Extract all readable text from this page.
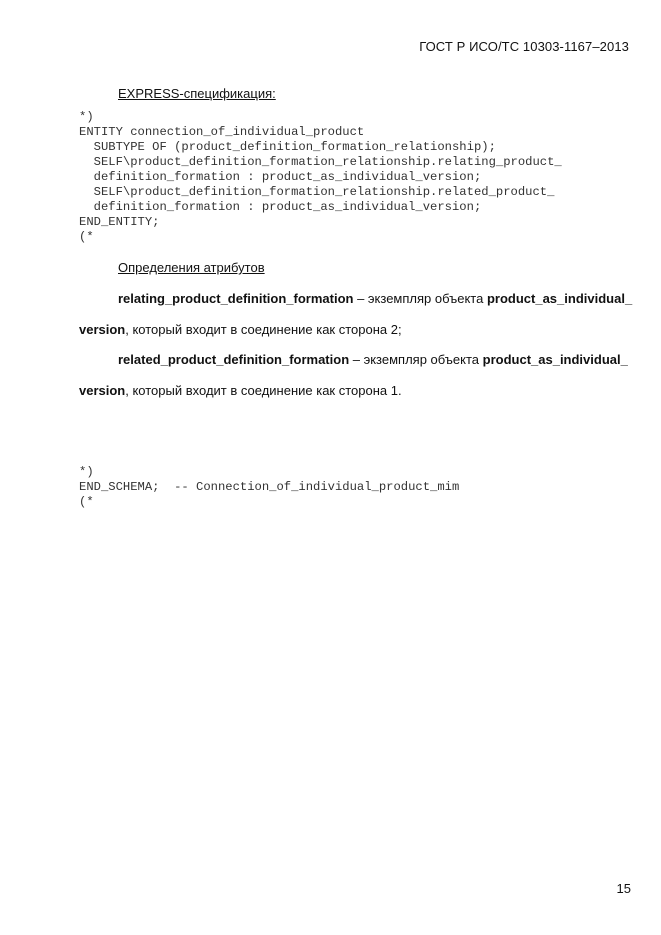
ГОСТ Р ИСО/ТС 10303-1167–2013
EXPRESS-спецификация:
*)
ENTITY connection_of_individual_product
SUBTYPE OF (product_definition_formation_relationship);
SELF\product_definition_formation_relationship.relating_product_
definition_formation : product_as_individual_version;
SELF\product_definition_formation_relationship.related_product_
definition_formation : product_as_individual_version;
END_ENTITY;
(*
Определения атрибутов
relating_product_definition_formation – экземпляр объекта product_as_individual_
version, который входит в соединение как сторона 2;
related_product_definition_formation – экземпляр объекта product_as_individual_
version, который входит в соединение как сторона 1.
*)
END_SCHEMA;  -- Connection_of_individual_product_mim
(*
15
